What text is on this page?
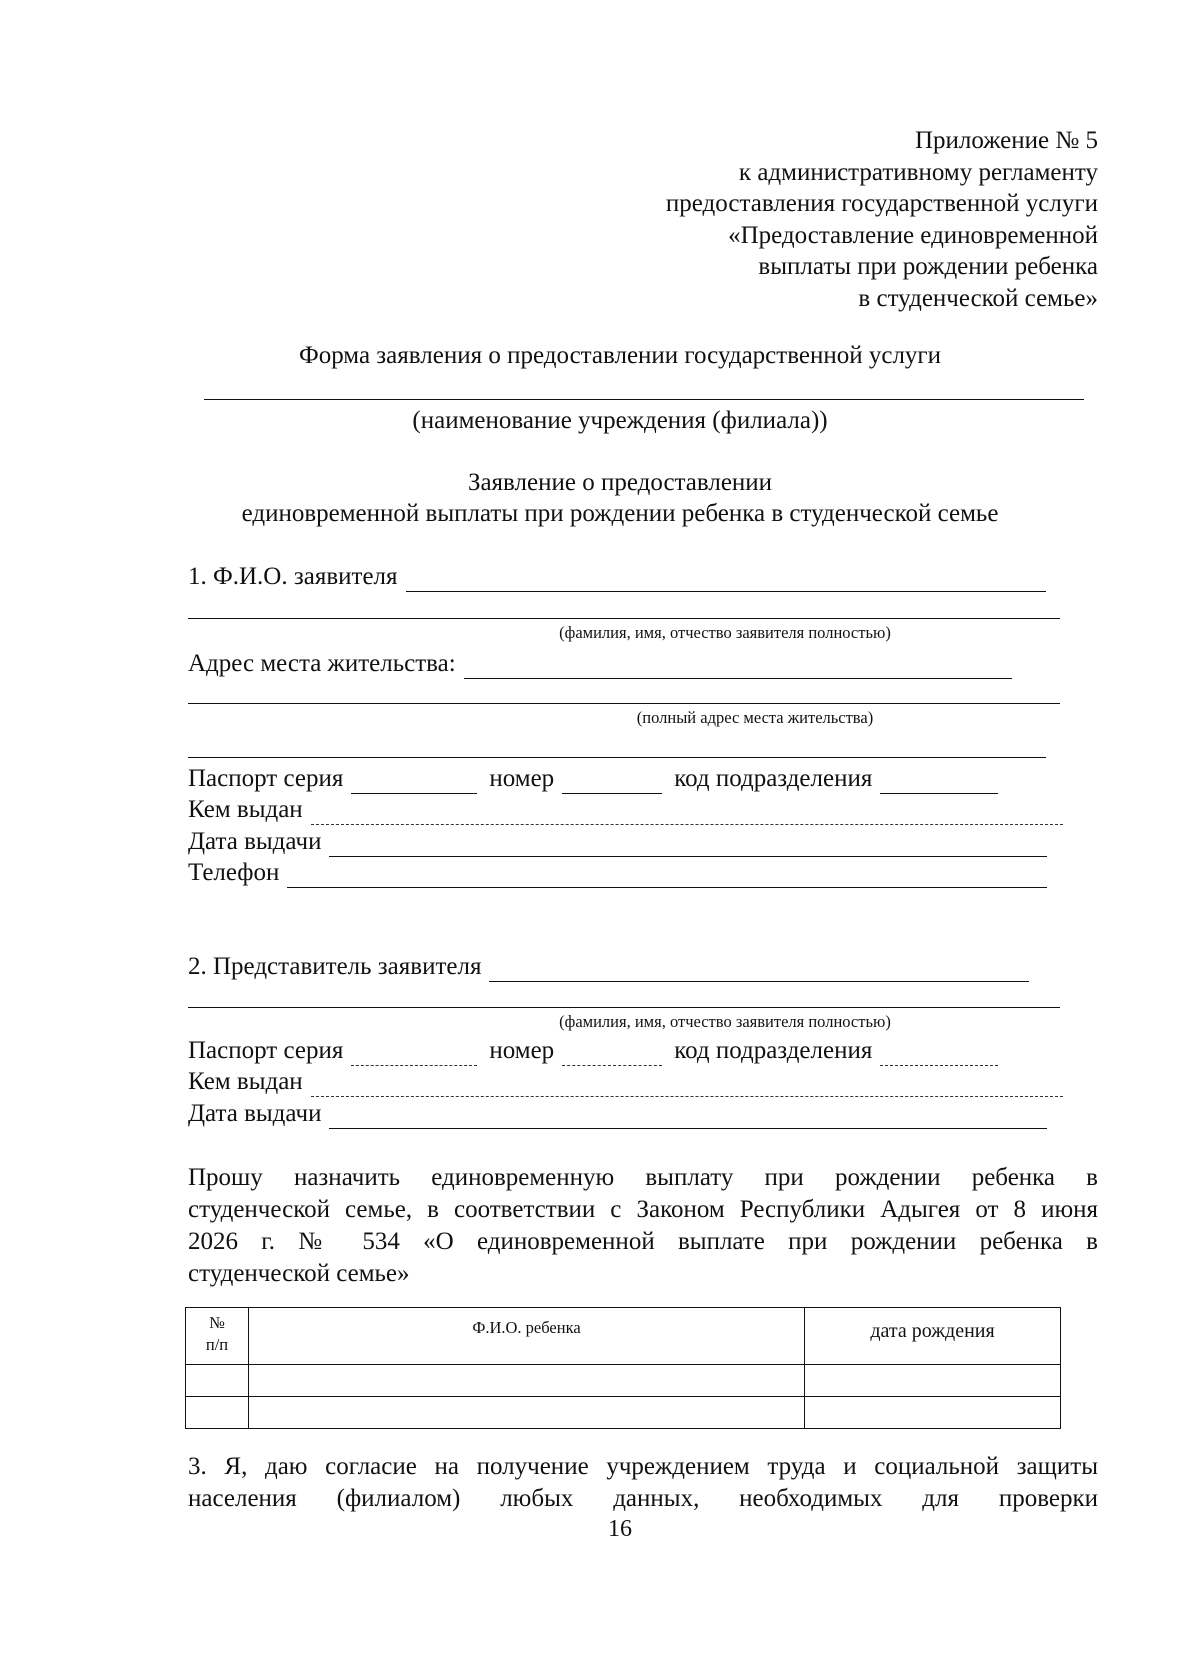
Приложение № 5
к административному регламенту
предоставления государственной услуги
«Предоставление единовременной
выплаты при рождении ребенка
в студенческой семье»
Форма заявления о предоставлении государственной услуги
(наименование учреждения (филиала))
Заявление о предоставлении
единовременной выплаты при рождении ребенка в студенческой семье
1. Ф.И.О. заявителя
(фамилия, имя, отчество заявителя полностью)
Адрес места жительства:
(полный адрес места жительства)
Паспорт серия	номер	код подразделения
Кем выдан
Дата выдачи
Телефон
2. Представитель заявителя
(фамилия, имя, отчество заявителя полностью)
Паспорт серия	номер	код подразделения
Кем выдан
Дата выдачи
Прошу назначить единовременную выплату при рождении ребенка в
студенческой семье, в соответствии с Законом Республики Адыгея от 8 июня
2026 г. № 534 «О единовременной выплате при рождении ребенка в
студенческой семье»
№
п/п	Ф.И.О. ребенка	дата рождения

3. Я, даю согласие на получение учреждением труда и социальной защиты
населения (филиалом) любых данных, необходимых для проверки
16
